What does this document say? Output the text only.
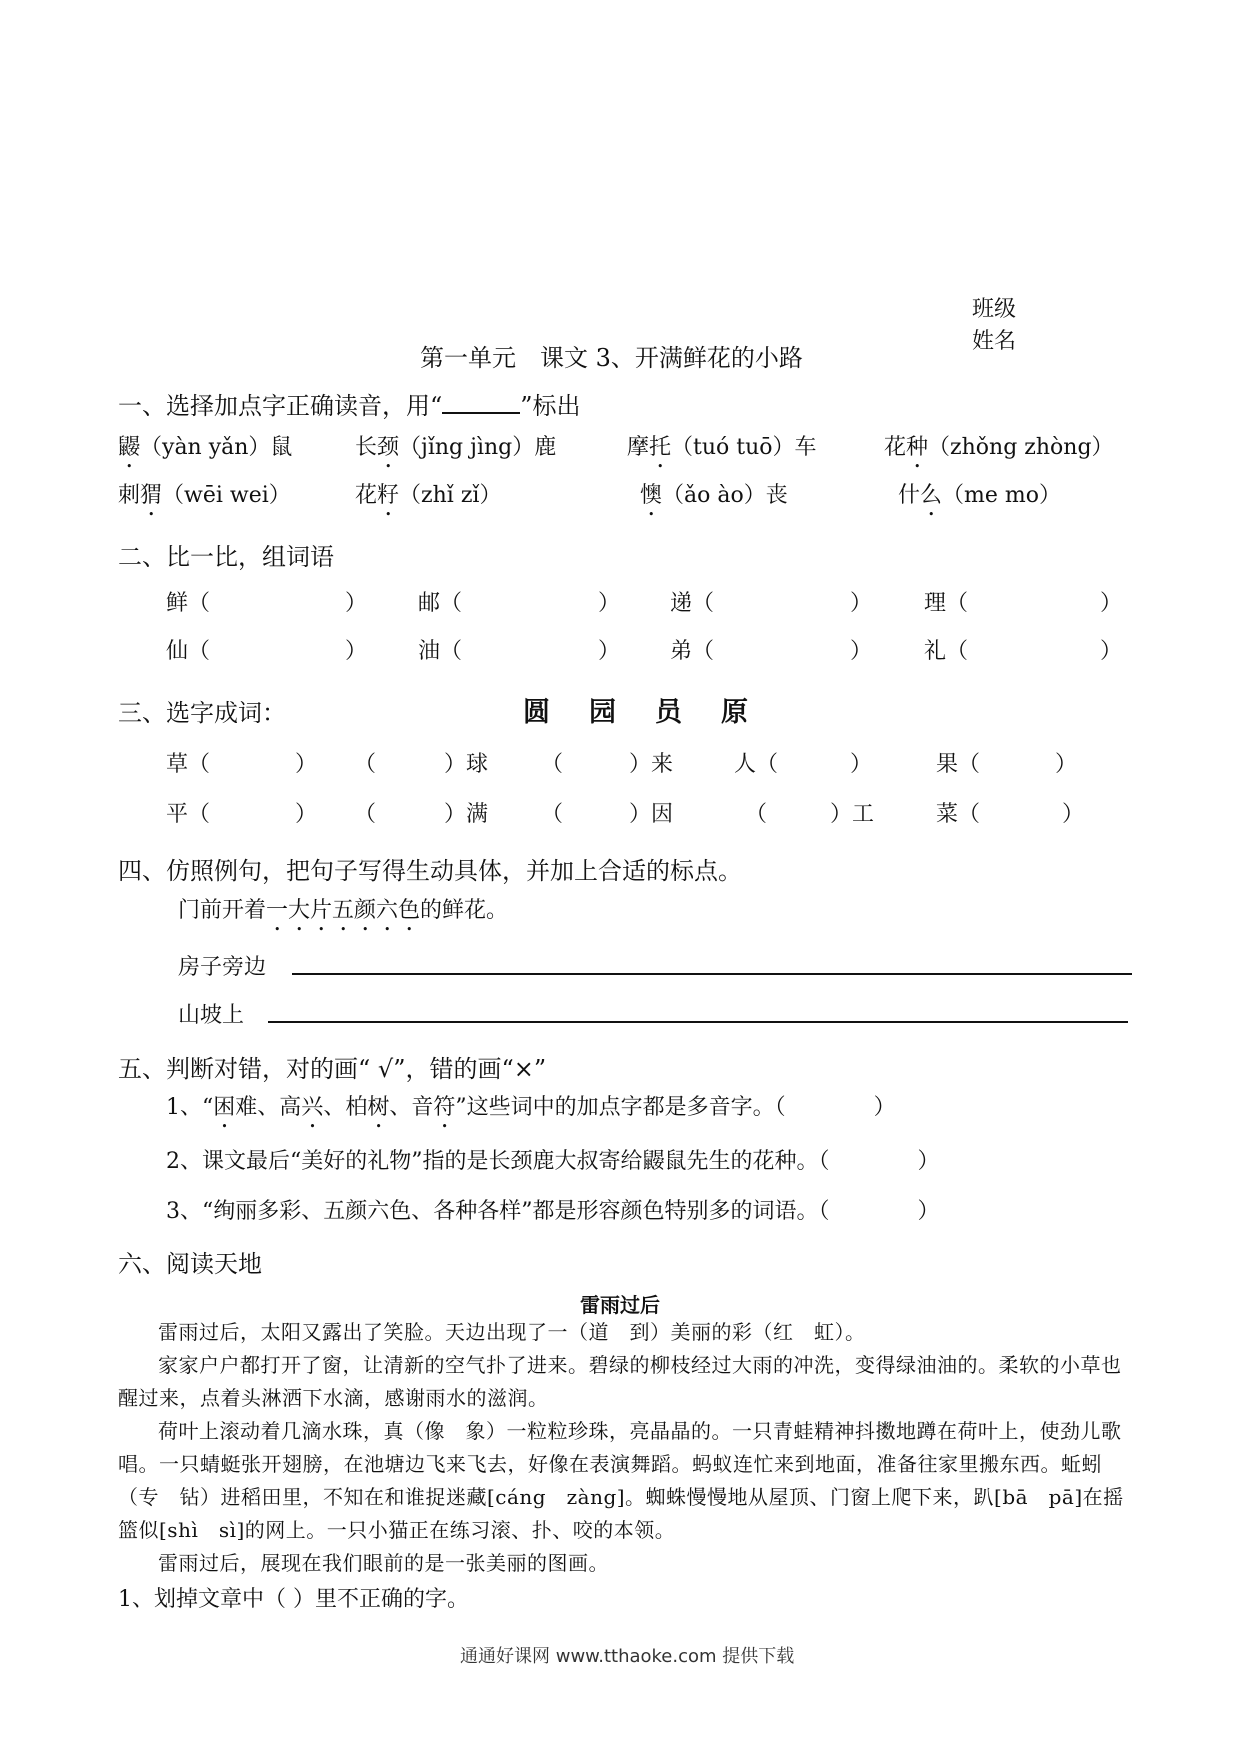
班级
姓名
第一单元　课文 3、开满鲜花的小路
一、选择加点字正确读音，用“	”标出
鼹（yàn yǎn）鼠	长颈（jǐng jìng）鹿	摩托（tuó tuō）车	花种（zhǒng zhòng）
刺猬（wēi wei）	花籽（zhǐ zǐ）	懊（ǎo ào）丧	什么（me mo）
二、比一比，组词语
鲜（	） 邮（	） 递（	） 理（	）
仙（	） 油（	） 弟（	） 礼（	）
三、选字成词：	圆　园　员　原
草（	） （	）球 （	）来	人（	）	果（	）
平（	） （	）满 （	）因	（	）工	菜（	）
四、仿照例句，把句子写得生动具体，并加上合适的标点。
门前开着一大片五颜六色的鲜花。
房子旁边
山坡上
五、判断对错，对的画“ √”，错的画“×”
1、“困难、高兴、柏树、音符”这些词中的加点字都是多音字。（　　　　）
2、课文最后“美好的礼物”指的是长颈鹿大叔寄给鼹鼠先生的花种。（　　　　）
3、“绚丽多彩、五颜六色、各种各样”都是形容颜色特别多的词语。（　　　　）
六、阅读天地
雷雨过后
雷雨过后，太阳又露出了笑脸。天边出现了一（道　到）美丽的彩（红　虹）。
家家户户都打开了窗，让清新的空气扑了进来。碧绿的柳枝经过大雨的冲洗，变得绿油油的。柔软的小草也醒过来，点着头淋洒下水滴，感谢雨水的滋润。
荷叶上滚动着几滴水珠，真（像　象）一粒粒珍珠，亮晶晶的。一只青蛙精神抖擞地蹲在荷叶上，使劲儿歌唱。一只蜻蜓张开翅膀，在池塘边飞来飞去，好像在表演舞蹈。蚂蚁连忙来到地面，准备往家里搬东西。蚯蚓（专　钻）进稻田里，不知在和谁捉迷藏[cáng　zàng]。蜘蛛慢慢地从屋顶、门窗上爬下来，趴[bā　pā]在摇篮似[shì　sì]的网上。一只小猫正在练习滚、扑、咬的本领。
雷雨过后，展现在我们眼前的是一张美丽的图画。
1、划掉文章中（ ）里不正确的字。
通通好课网 www.tthaoke.com 提供下载
